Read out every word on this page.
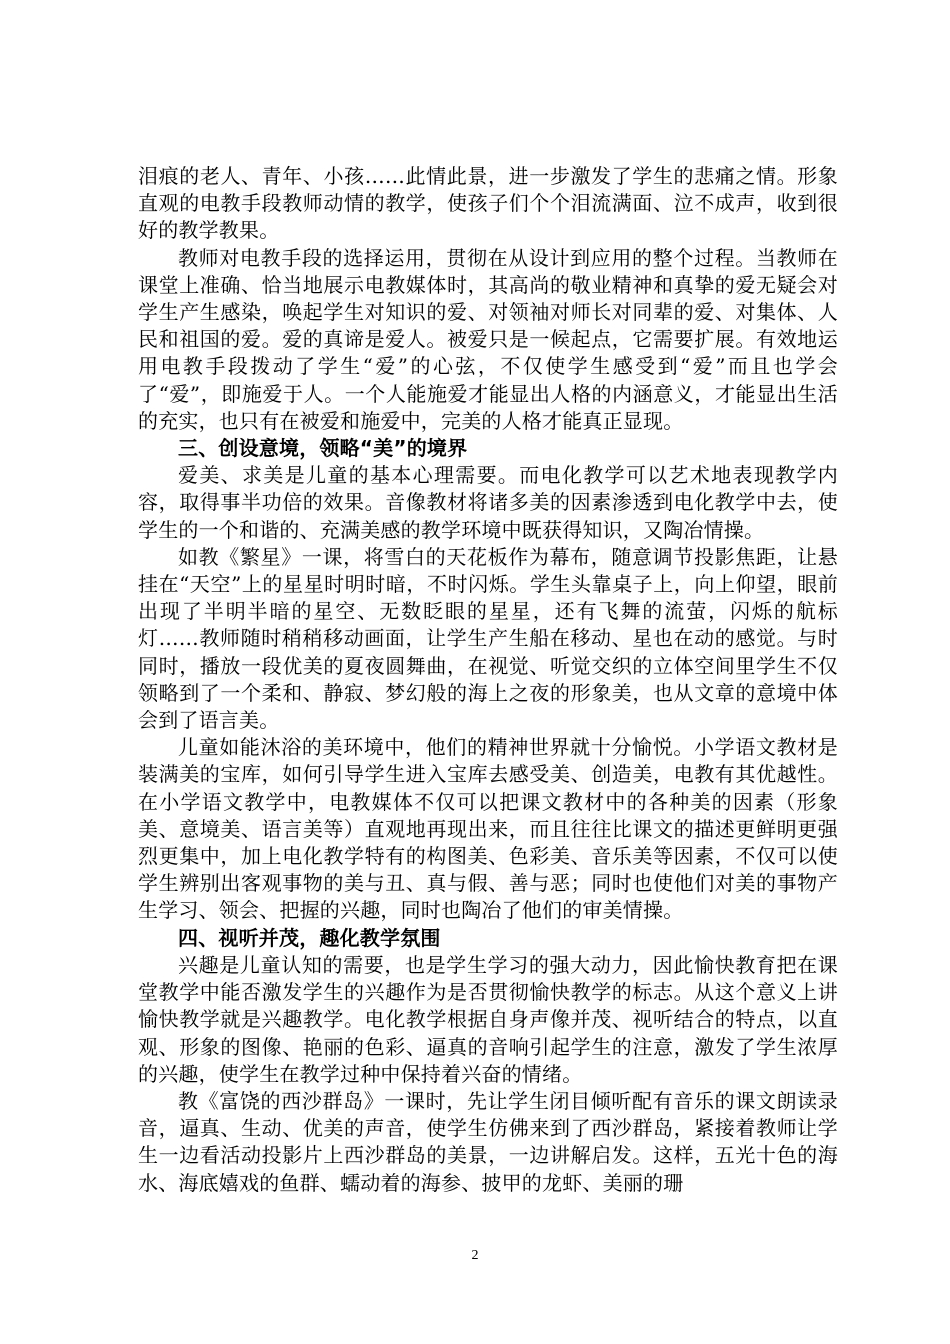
泪痕的老人、青年、小孩……此情此景，进一步激发了学生的悲痛之情。形象直观的电教手段教师动情的教学，使孩子们个个泪流满面、泣不成声，收到很好的教学教果。

教师对电教手段的选择运用，贯彻在从设计到应用的整个过程。当教师在课堂上准确、恰当地展示电教媒体时，其高尚的敬业精神和真挚的爱无疑会对学生产生感染，唤起学生对知识的爱、对领袖对师长对同辈的爱、对集体、人民和祖国的爱。爱的真谛是爱人。被爱只是一候起点，它需要扩展。有效地运用电教手段拨动了学生“爱”的心弦，不仅使学生感受到“爱”而且也学会了“爱”，即施爱于人。一个人能施爱才能显出人格的内涵意义，才能显出生活的充实，也只有在被爱和施爱中，完美的人格才能真正显现。

三、创设意境，领略“美”的境界

爱美、求美是儿童的基本心理需要。而电化教学可以艺术地表现教学内容，取得事半功倍的效果。音像教材将诸多美的因素渗透到电化教学中去，使学生的一个和谐的、充满美感的教学环境中既获得知识，又陶冶情操。

如教《繁星》一课，将雪白的天花板作为幕布，随意调节投影焦距，让悬挂在“天空”上的星星时明时暗，不时闪烁。学生头靠桌子上，向上仰望，眼前出现了半明半暗的星空、无数眨眼的星星，还有飞舞的流萤，闪烁的航标灯……教师随时稍稍移动画面，让学生产生船在移动、星也在动的感觉。与时同时，播放一段优美的夏夜圆舞曲，在视觉、听觉交织的立体空间里学生不仅领略到了一个柔和、静寂、梦幻般的海上之夜的形象美，也从文章的意境中体会到了语言美。

儿童如能沐浴的美环境中，他们的精神世界就十分愉悦。小学语文教材是装满美的宝库，如何引导学生进入宝库去感受美、创造美，电教有其优越性。在小学语文教学中，电教媒体不仅可以把课文教材中的各种美的因素（形象美、意境美、语言美等）直观地再现出来，而且往往比课文的描述更鲜明更强烈更集中，加上电化教学特有的构图美、色彩美、音乐美等因素，不仅可以使学生辨别出客观事物的美与丑、真与假、善与恶；同时也使他们对美的事物产生学习、领会、把握的兴趣，同时也陶冶了他们的审美情操。

四、视听并茂，趣化教学氛围

兴趣是儿童认知的需要，也是学生学习的强大动力，因此愉快教育把在课堂教学中能否激发学生的兴趣作为是否贯彻愉快教学的标志。从这个意义上讲愉快教学就是兴趣教学。电化教学根据自身声像并茂、视听结合的特点，以直观、形象的图像、艳丽的色彩、逼真的音响引起学生的注意，激发了学生浓厚的兴趣，使学生在教学过种中保持着兴奋的情绪。

教《富饶的西沙群岛》一课时，先让学生闭目倾听配有音乐的课文朗读录音，逼真、生动、优美的声音，使学生仿佛来到了西沙群岛，紧接着教师让学生一边看活动投影片上西沙群岛的美景，一边讲解启发。这样，五光十色的海水、海底嬉戏的鱼群、蠕动着的海参、披甲的龙虾、美丽的珊

2
